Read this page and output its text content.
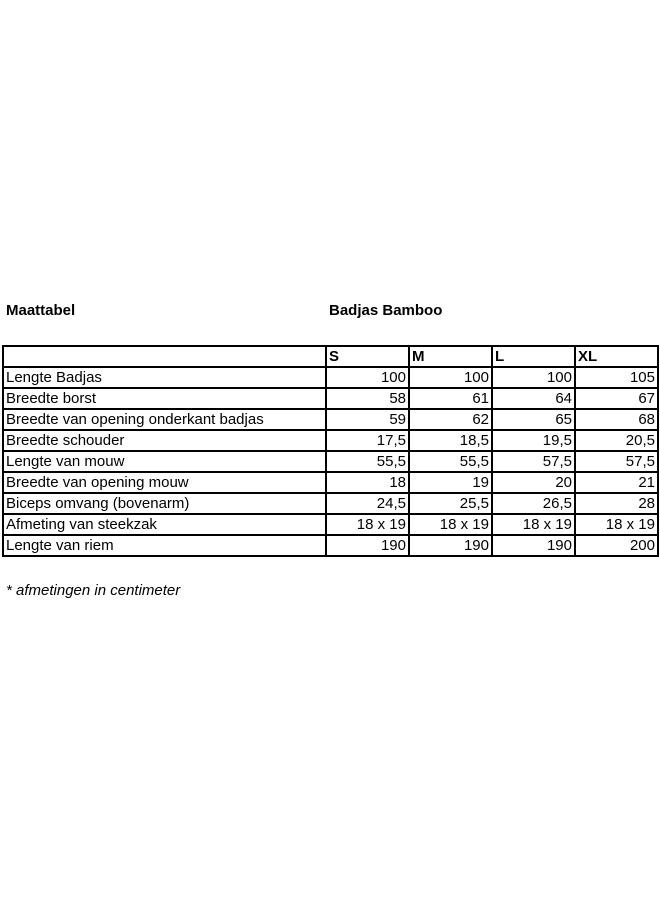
Maattabel	Badjas Bamboo
	S	M	L	XL
Lengte Badjas	100	100	100	105
Breedte borst	58	61	64	67
Breedte van opening onderkant badjas	59	62	65	68
Breedte schouder	17,5	18,5	19,5	20,5
Lengte van mouw	55,5	55,5	57,5	57,5
Breedte van opening mouw	18	19	20	21
Biceps omvang (bovenarm)	24,5	25,5	26,5	28
Afmeting van steekzak	18 x 19	18 x 19	18 x 19	18 x 19
Lengte van riem	190	190	190	200
* afmetingen in centimeter
